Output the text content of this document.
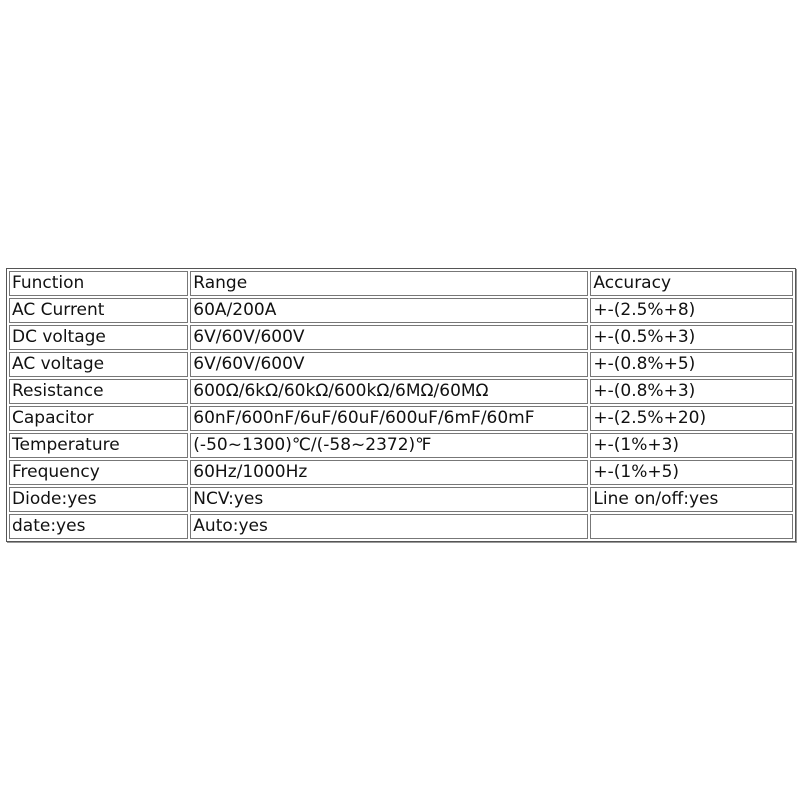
Function	Range	Accuracy
AC Current	60A/200A	+-(2.5%+8)
DC voltage	6V/60V/600V	+-(0.5%+3)
AC voltage	6V/60V/600V	+-(0.8%+5)
Resistance	600Ω/6kΩ/60kΩ/600kΩ/6MΩ/60MΩ	+-(0.8%+3)
Capacitor	60nF/600nF/6uF/60uF/600uF/6mF/60mF	+-(2.5%+20)
Temperature	(-50~1300)℃/(-58~2372)℉	+-(1%+3)
Frequency	60Hz/1000Hz	+-(1%+5)
Diode:yes	NCV:yes	Line on/off:yes
date:yes	Auto:yes	
